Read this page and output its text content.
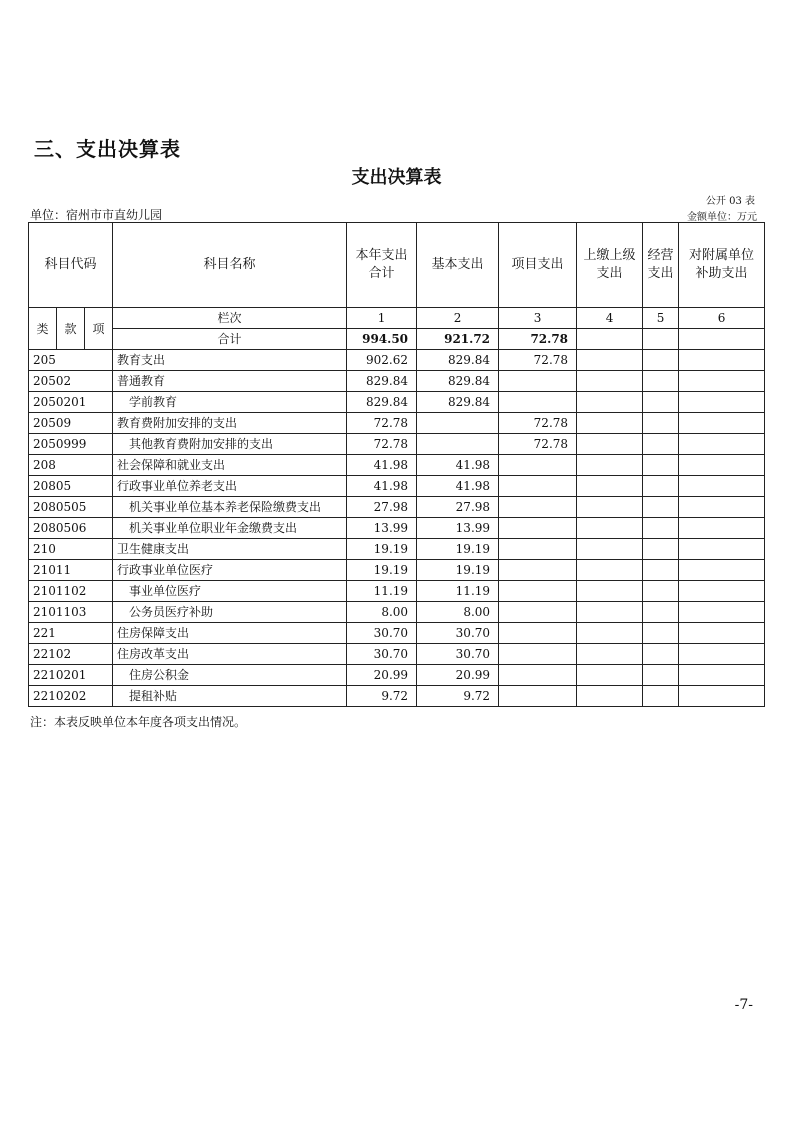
三、支出决算表
支出决算表
公开 03 表
单位：宿州市市直幼儿园	金额单位：万元
科目代码			科目名称	本年支出合计	基本支出	项目支出	上缴上级支出	经营支出	对附属单位补助支出
类	款	项	栏次	1	2	3	4	5	6
			合计	994.50	921.72	72.78			
205			教育支出	902.62	829.84	72.78			
20502			普通教育	829.84	829.84				
2050201			学前教育	829.84	829.84				
20509			教育费附加安排的支出	72.78		72.78			
2050999			其他教育费附加安排的支出	72.78		72.78			
208			社会保障和就业支出	41.98	41.98				
20805			行政事业单位养老支出	41.98	41.98				
2080505			机关事业单位基本养老保险缴费支出	27.98	27.98				
2080506			机关事业单位职业年金缴费支出	13.99	13.99				
210			卫生健康支出	19.19	19.19				
21011			行政事业单位医疗	19.19	19.19				
2101102			事业单位医疗	11.19	11.19				
2101103			公务员医疗补助	8.00	8.00				
221			住房保障支出	30.70	30.70				
22102			住房改革支出	30.70	30.70				
2210201			住房公积金	20.99	20.99				
2210202			提租补贴	9.72	9.72				
注：本表反映单位本年度各项支出情况。
-7-
